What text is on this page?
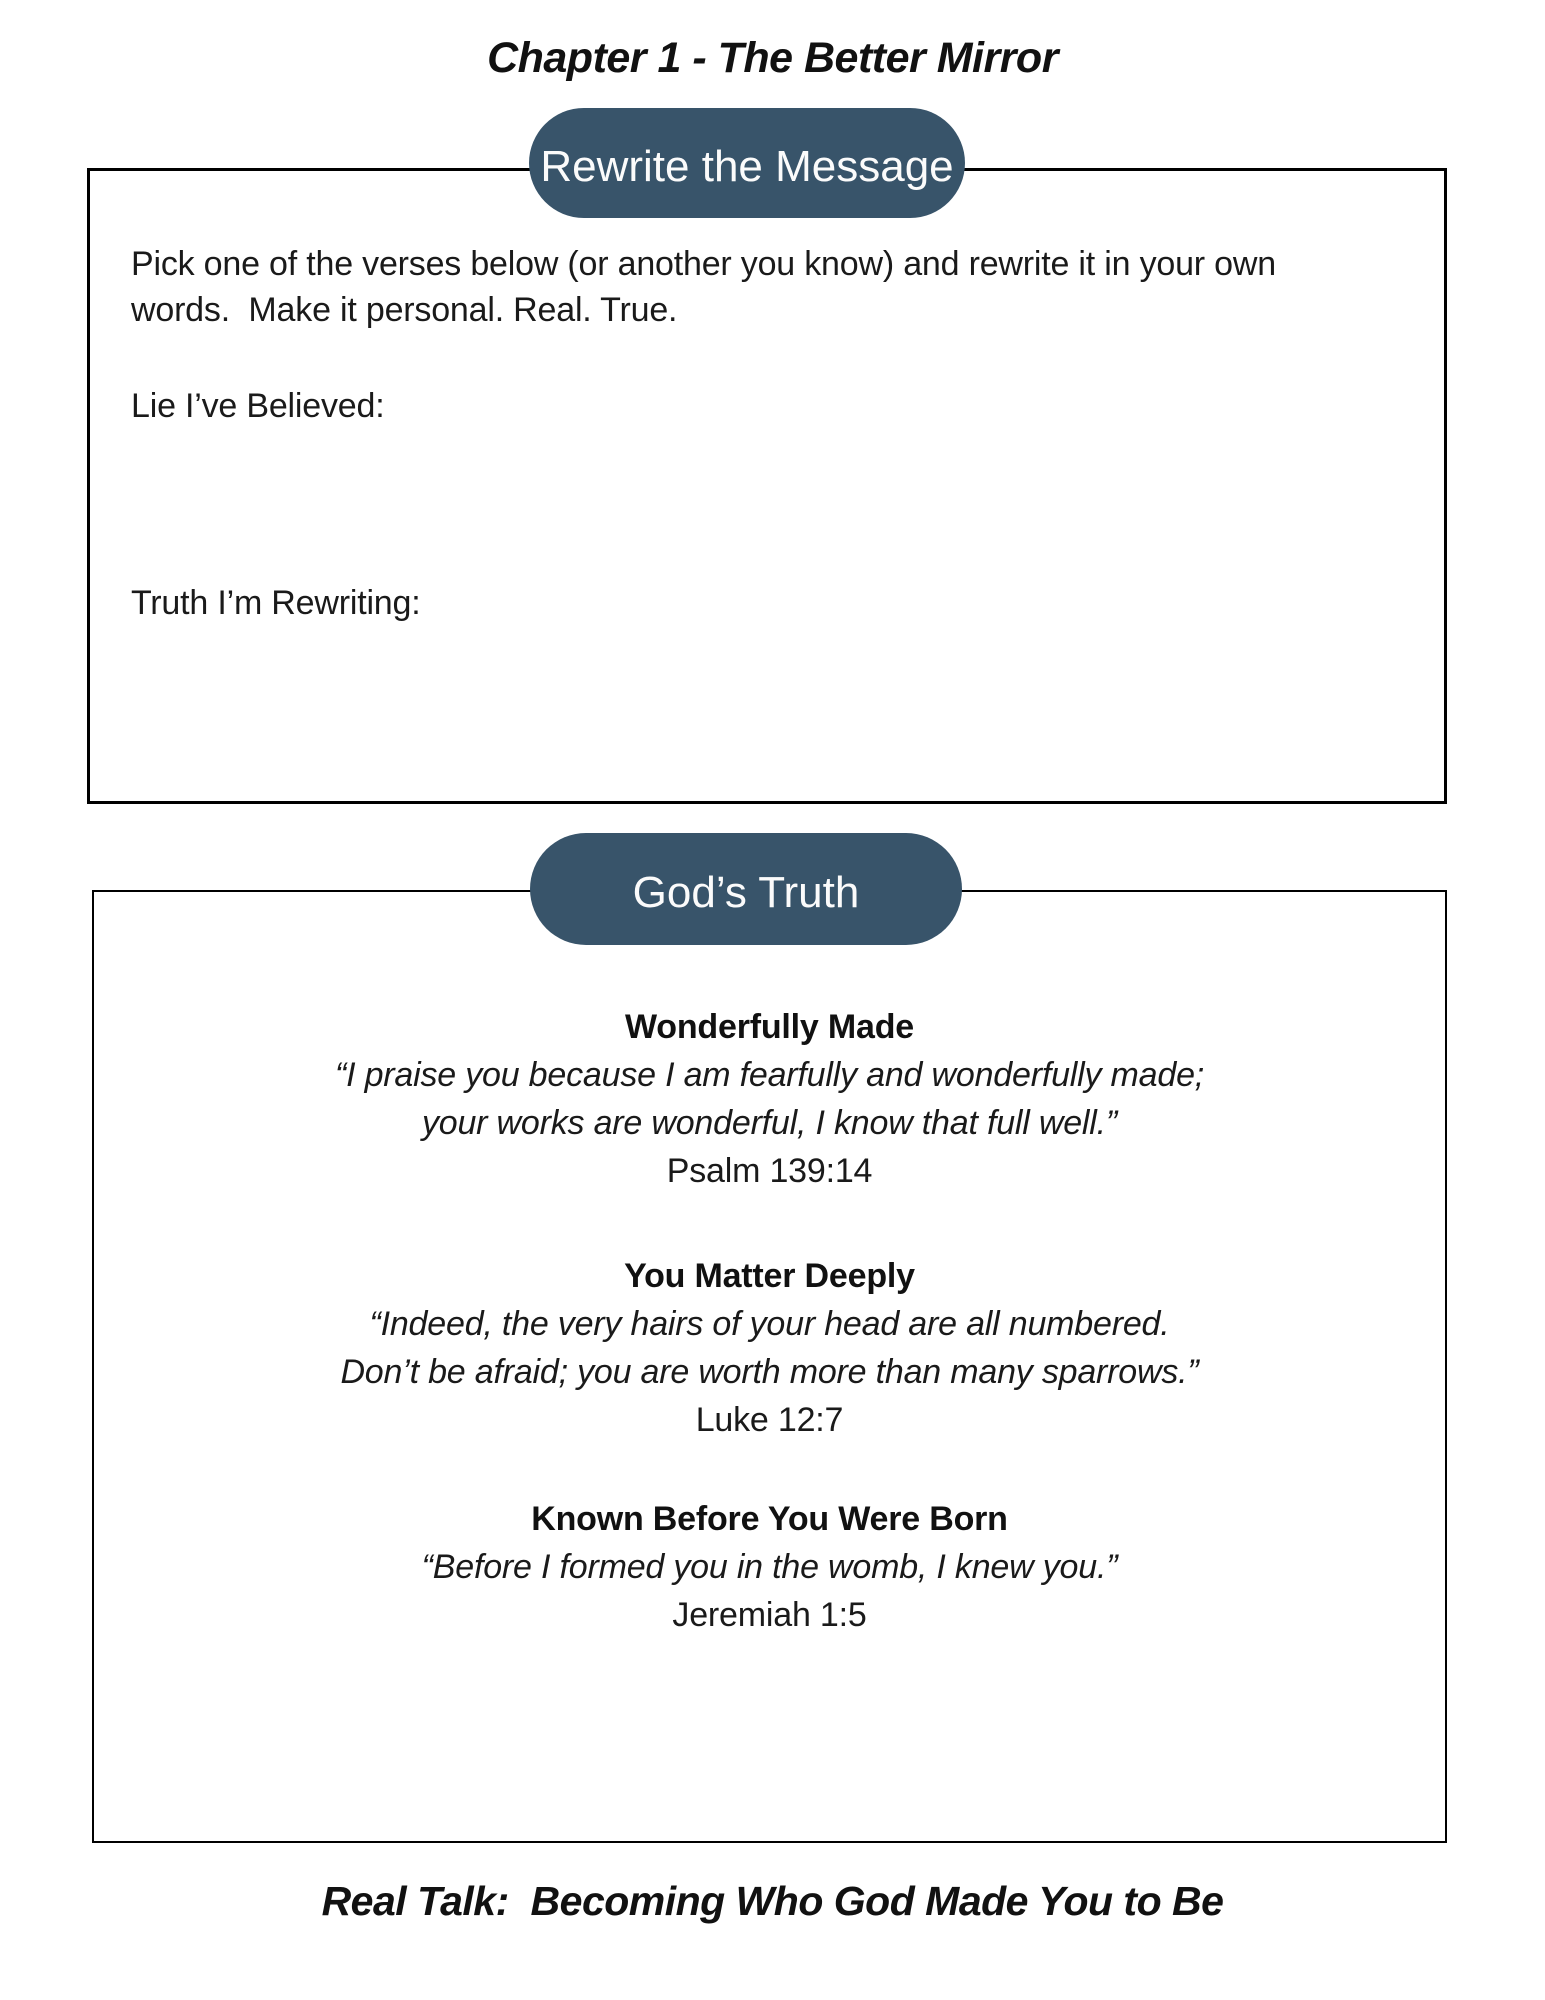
Chapter 1 - The Better Mirror
Rewrite the Message
Pick one of the verses below (or another you know) and rewrite it in your own words.  Make it personal. Real. True.
Lie I’ve Believed:
Truth I’m Rewriting:
God’s Truth
Wonderfully Made
“I praise you because I am fearfully and wonderfully made;
your works are wonderful, I know that full well.”
Psalm 139:14
You Matter Deeply
“Indeed, the very hairs of your head are all numbered.
Don’t be afraid; you are worth more than many sparrows.”
Luke 12:7
Known Before You Were Born
“Before I formed you in the womb, I knew you.”
Jeremiah 1:5
Real Talk:  Becoming Who God Made You to Be
